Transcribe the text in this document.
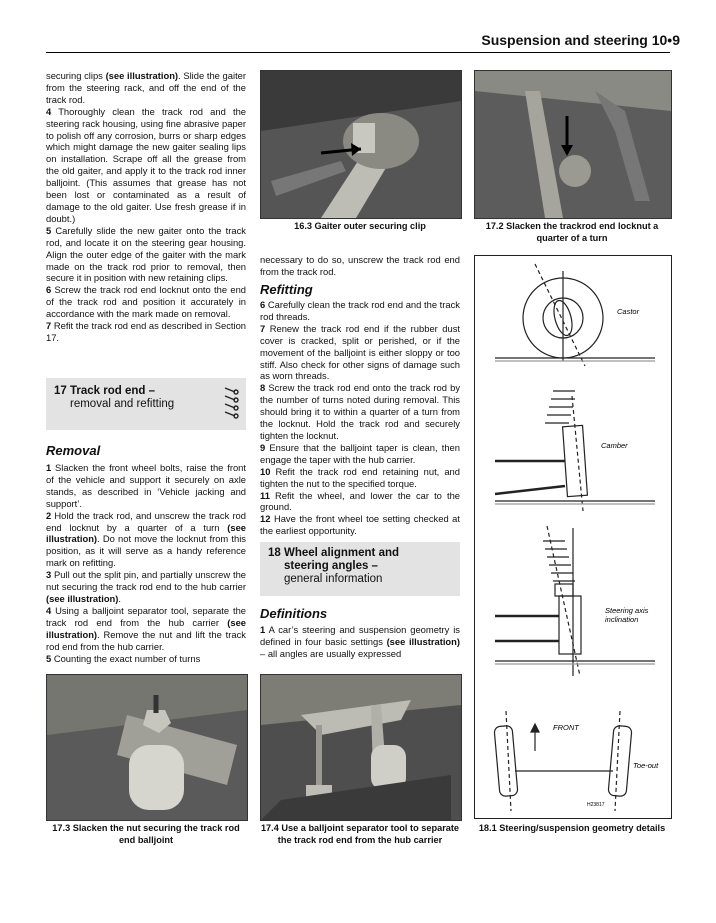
Suspension and steering 10•9

securing clips (see illustration). Slide the gaiter from the steering rack, and off the end of the track rod.

4 Thoroughly clean the track rod and the steering rack housing, using fine abrasive paper to polish off any corrosion, burrs or sharp edges which might damage the new gaiter sealing lips on installation. Scrape off all the grease from the old gaiter, and apply it to the track rod inner balljoint. (This assumes that grease has not been lost or contaminated as a result of damage to the old gaiter. Use fresh grease if in doubt.)

5 Carefully slide the new gaiter onto the track rod, and locate it on the steering gear housing. Align the outer edge of the gaiter with the mark made on the track rod prior to removal, then secure it in position with new retaining clips.

6 Screw the track rod end locknut onto the end of the track rod and position it accurately in accordance with the mark made on removal.

7 Refit the track rod end as described in Section 17.

17 Track rod end –
removal and refitting
Removal

1 Slacken the front wheel bolts, raise the front of the vehicle and support it securely on axle stands, as described in ‘Vehicle jacking and support’.

2 Hold the track rod, and unscrew the track rod end locknut by a quarter of a turn (see illustration). Do not move the locknut from this position, as it will serve as a handy reference mark on refitting.

3 Pull out the split pin, and partially unscrew the nut securing the track rod end to the hub carrier (see illustration).

4 Using a balljoint separator tool, separate the track rod end from the hub carrier (see illustration). Remove the nut and lift the track rod end from the hub carrier.

5 Counting the exact number of turns

16.3 Gaiter outer securing clip	17.2 Slacken the trackrod end locknut a quarter of a turn

necessary to do so, unscrew the track rod end from the track rod.

Refitting

6 Carefully clean the track rod end and the track rod threads.

7 Renew the track rod end if the rubber dust cover is cracked, split or perished, or if the movement of the balljoint is either sloppy or too stiff. Also check for other signs of damage such as worn threads.

8 Screw the track rod end onto the track rod by the number of turns noted during removal. This should bring it to within a quarter of a turn from the locknut. Hold the track rod and securely tighten the locknut.

9 Ensure that the balljoint taper is clean, then engage the taper with the hub carrier.

10 Refit the track rod end retaining nut, and tighten the nut to the specified torque.

11 Refit the wheel, and lower the car to the ground.

12 Have the front wheel toe setting checked at the earliest opportunity.

18 Wheel alignment and
steering angles –
general information
Definitions

1 A car’s steering and suspension geometry is defined in four basic settings (see illustration) – all angles are usually expressed

Castor
Camber
Steering axis
inclination
FRONT
Toe-out
H23817
18.1 Steering/suspension geometry details
17.3 Slacken the nut securing the track rod end balljoint
17.4 Use a balljoint separator tool to separate the track rod end from the hub carrier
